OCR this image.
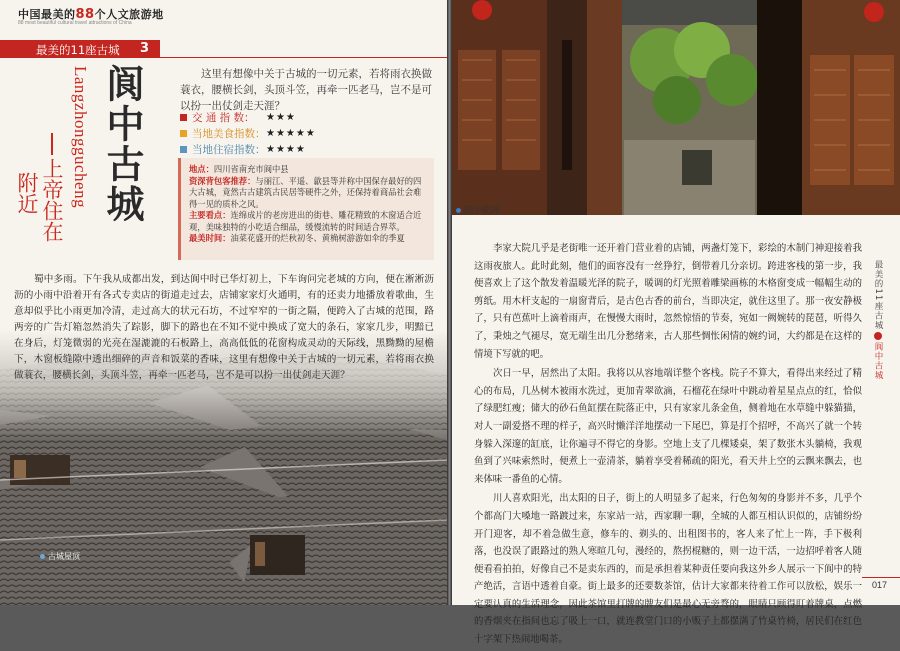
中国最美的88个人文旅游地
88 most beautiful cultural travel attractions of China
最美的11座古城 3
Langzhonggucheng 阆中古城
上帝住在
附近
这里有想像中关于古城的一切元素，若将雨衣换做蓑衣，腰横长剑，头顶斗笠，再牵一匹老马，岂不是可以扮一出仗剑走天涯？
交 通 指 数：	★★★
当地美食指数： ★★★★★
当地住宿指数： ★★★★

地点：四川省南充市阆中县

资深背包客推荐：与丽江、平遥、歙县等并称中国保存最好的四大古城，竟然古古建筑古民居等硬件之外，还保持着商品社会难得一见的质朴之风。

主要看点：连绵成片的老房进出的街巷、雕花精致的木窗适合近观，美味独特的小吃适合细品，缓慢流转的时间适合界萃。

最美时间：油菜花盛开的烂秋初冬、黄桷树游游如伞的季夏

古城屋顶
蜀中多雨。下午我从成都出发，到达阆中时已华灯初上，下车询问完老城的方向，便在淅淅沥沥的小雨中沿着开有各式专卖店的街道走过去，店铺家家灯火通明，有的还卖力地播放着歌曲，生意却似乎比小雨更加冷清，走过高大的状元石坊，不过窄窄的一街之隔，便跨入了古城的范围，路两旁的广告灯箱忽然消失了踪影，脚下的路也在不知不觉中换成了宽大的条石，家家几步，明黯已在身后，灯笼微弱的光亮在湿漉漉的石板路上，高高低低的花窗构成灵动的天际线，黑黝黝的屋檐下，木窗板缝隙中透出细碎的声音和饭菜的香味，这里有想像中关于古城的一切元素，若将雨衣换做蓑衣，腰横长剑，头顶斗笠，再牵一匹老马，岂不是可以扮一出仗剑走天涯？
院中乾坤

李家大院几乎是老街唯一还开着门营业着的店铺，两盏灯笼下，彩绘的木制门神迎接着我这雨夜旅人。此时此刻，他们的面容没有一丝狰狞，倒带着几分亲切。跨进客栈的第一步，我便喜欢上了这个散发着温暖光泽的院子，暖调的灯光照着雕梁画栋的木格窗变成一幅幅生动的剪纸。用木杆支起的一扇窗背后，是古色古香的前台，当即决定，就住这里了。那一夜安静极了，只有芭蕉叶上滴着雨声，在慢慢大雨时，忽然惊悟的节奏，宛如一阙婉转的琵琶，听得久了，秉烛之气褪尽，宽无端生出几分愁绪来，古人那些惆怅闲情的婉约词，大约都是在这样的情境下写就的吧。

次日一早，居然出了太阳。我将以从容地端详整个客栈。院子不算大，看得出来经过了精心的布局，几丛树木被雨水洗过，更加青翠欲滴，石榴花在绿叶中跳动着星星点点的红，恰似了绿肥红瘦；储大的砂石鱼缸摆在院落正中，只有家家儿条金鱼，侧着地在水草缝中躲猫猫，对人一副爱搭不理的样子，高兴时懒洋洋地摆动一下尾巴，算是打个招呼，不高兴了就一个转身躲入深邃的缸底，让你遍寻不得它的身影。空地上支了几棵矮桌，架了数张木头躺椅，我观鱼到了兴味索然时，便煮上一壶清茶，躺着享受着稀疏的阳光，看天井上空的云飘来飘去，也来体味一番鱼的心情。

川人喜欢阳光，出太阳的日子，街上的人明显多了起来，行色匆匆的身影并不多，几乎个个都高门大嗓地一路踱过来，东家站一站，西家聊一聊，全城的人都互相认识似的，店铺纷纷开门迎客，却不着急做生意，修车的、剃头的、出租图书的，客人来了忙上一阵，手下极利落，也没误了跟路过的熟人寒暄几句，漫经的，熬拐棍糖的，则一边干活，一边招呼着客人随便看看拍拍，好像自己不是卖东西的，而是承担着某种责任要向我这外乡人展示一下阆中的特产绝活，言语中透着自豪。街上最多的还要数茶馆，估计大家都来待着工作可以放松，娱乐一定要认真的生活理念，因此茶馆里打牌的牌友们是最心无旁骛的，眼睛只顾得盯着牌桌，点燃的香烟夹在指间也忘了吸上一口，就连教堂门口的小贩子上都摆满了竹桌竹椅，居民们在红色十字架下热闹地喝茶。

最美的11座古城阆中古城
017
